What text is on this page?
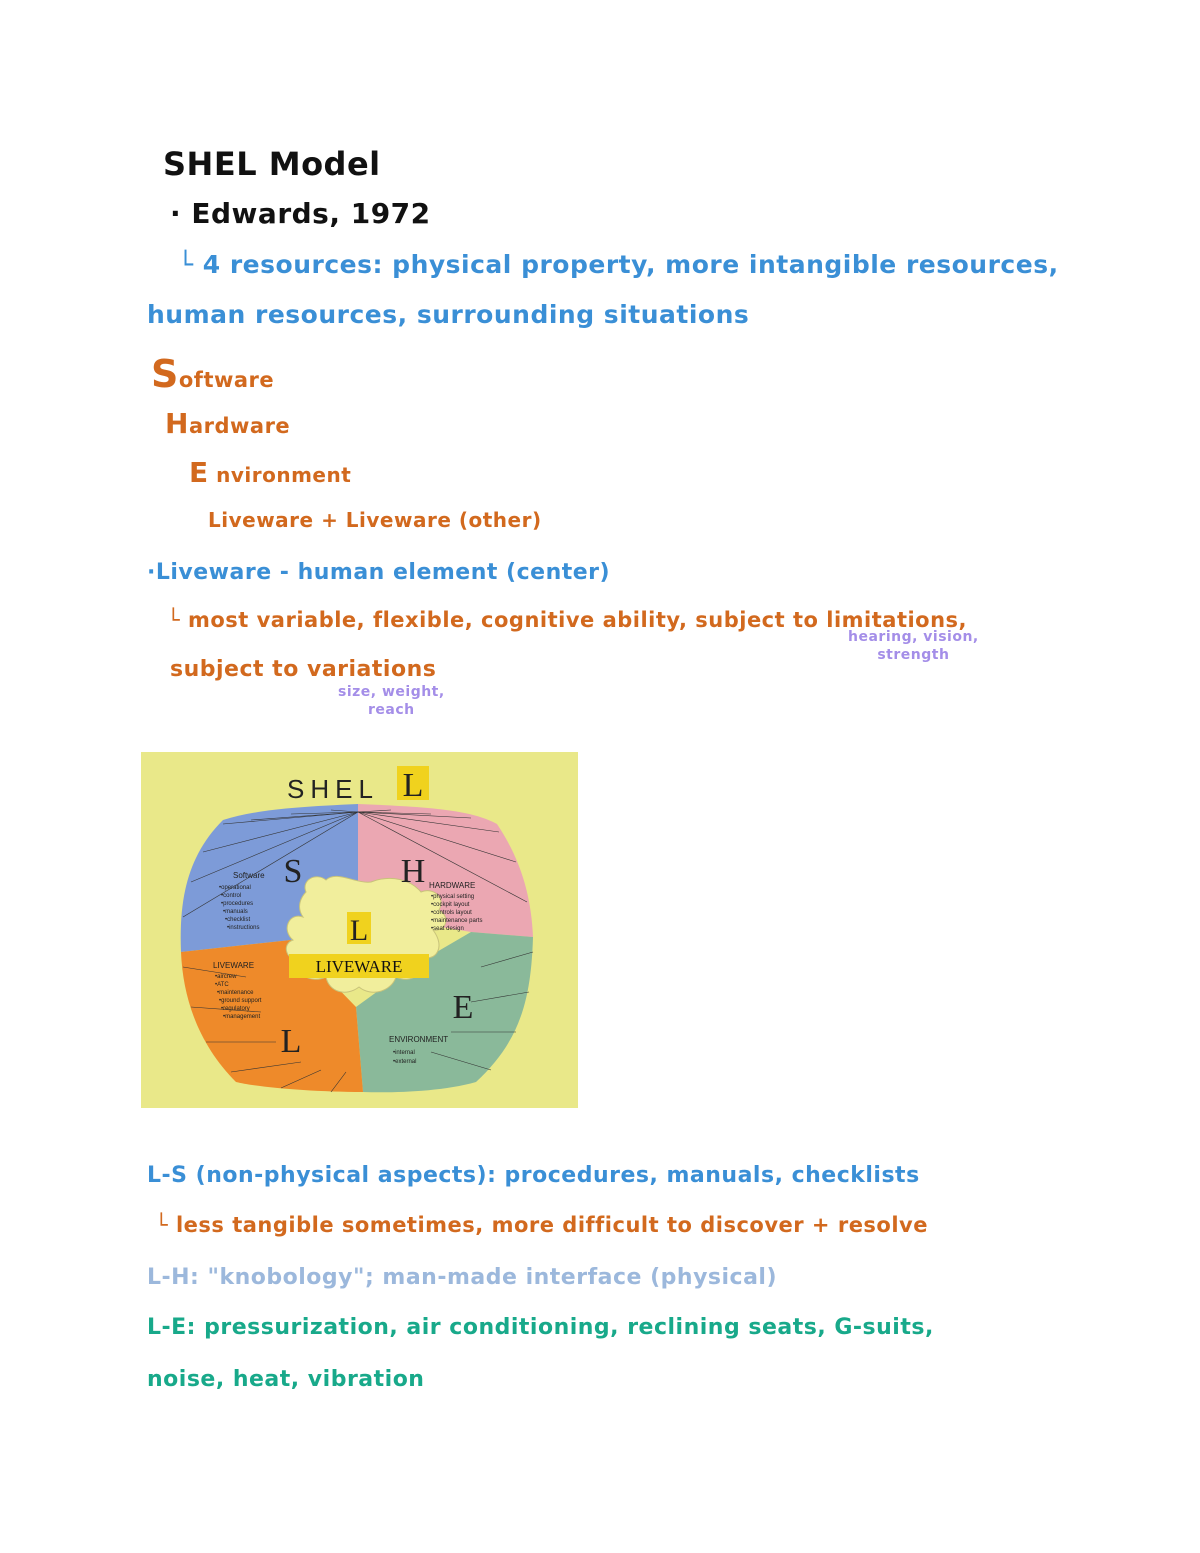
SHEL Model
· Edwards, 1972
└ 4 resources: physical property, more intangible resources,
human resources, surrounding situations
Software
Hardware
E nvironment
Liveware + Liveware (other)
·Liveware - human element (center)
└ most variable, flexible, cognitive ability, subject to limitations,
subject to variations
hearing, vision,
strength
size, weight,
reach
LIVEWARE
SHEL L
S	H
E
L
L
Software
•operational
•control
•procedures
•manuals
•checklist
•instructions
HARDWARE
•physical setting
•cockpit layout
•controls layout
•maintenance parts
•seat design
LIVEWARE
•aircrew
•ATC
•maintenance
•ground support
•regulatory
•management
ENVIRONMENT
•internal
•external
L-S (non-physical aspects): procedures, manuals, checklists
└ less tangible sometimes, more difficult to discover + resolve
L-H: "knobology"; man-made interface (physical)
L-E: pressurization, air conditioning, reclining seats, G-suits,
noise, heat, vibration
